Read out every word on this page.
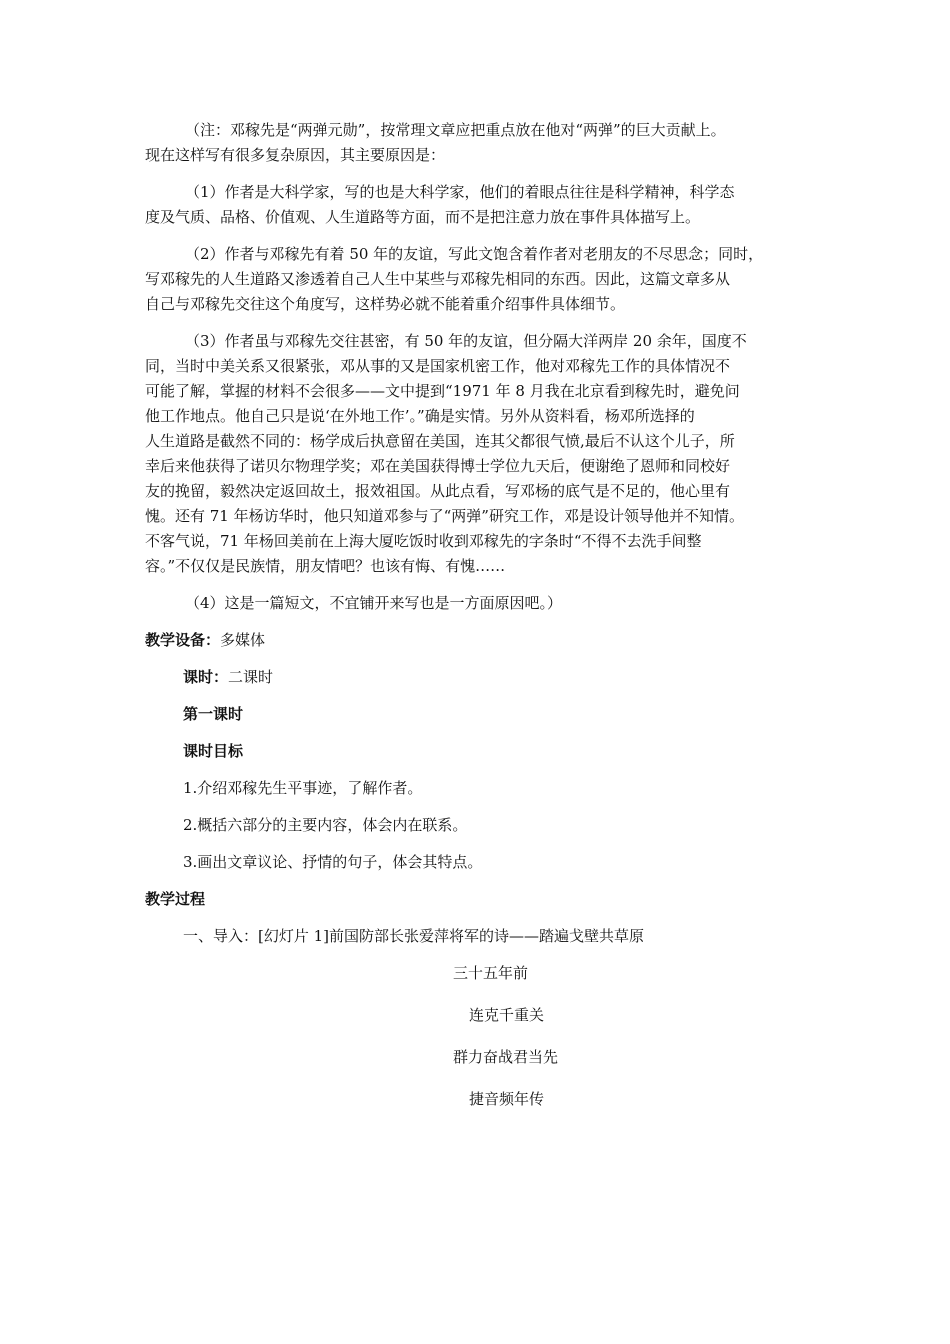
（注：邓稼先是“两弹元勋”，按常理文章应把重点放在他对“两弹”的巨大贡献上。
现在这样写有很多复杂原因，其主要原因是：

（1）作者是大科学家，写的也是大科学家，他们的着眼点往往是科学精神，科学态
度及气质、品格、价值观、人生道路等方面，而不是把注意力放在事件具体描写上。

（2）作者与邓稼先有着 50 年的友谊，写此文饱含着作者对老朋友的不尽思念；同时，
写邓稼先的人生道路又渗透着自己人生中某些与邓稼先相同的东西。因此，这篇文章多从
自己与邓稼先交往这个角度写，这样势必就不能着重介绍事件具体细节。

（3）作者虽与邓稼先交往甚密，有 50 年的友谊，但分隔大洋两岸 20 余年，国度不
同，当时中美关系又很紧张，邓从事的又是国家机密工作，他对邓稼先工作的具体情况不
可能了解，掌握的材料不会很多——文中提到“1971 年 8 月我在北京看到稼先时，避免问
他工作地点。他自己只是说‘在外地工作’。”确是实情。另外从资料看，杨邓所选择的
人生道路是截然不同的：杨学成后执意留在美国，连其父都很气愤,最后不认这个儿子，所
幸后来他获得了诺贝尔物理学奖；邓在美国获得博士学位九天后，便谢绝了恩师和同校好
友的挽留，毅然决定返回故土，报效祖国。从此点看，写邓杨的底气是不足的，他心里有
愧。还有 71 年杨访华时，他只知道邓参与了“两弹”研究工作，邓是设计领导他并不知情。
不客气说，71 年杨回美前在上海大厦吃饭时收到邓稼先的字条时“不得不去洗手间整
容。”不仅仅是民族情，朋友情吧？也该有悔、有愧……

（4）这是一篇短文，不宜铺开来写也是一方面原因吧。）

教学设备：多媒体

课时：二课时

第一课时

课时目标

1.介绍邓稼先生平事迹，了解作者。

2.概括六部分的主要内容，体会内在联系。

3.画出文章议论、抒情的句子，体会其特点。

教学过程

一、导入：[幻灯片 1]前国防部长张爱萍将军的诗——踏遍戈壁共草原

三十五年前
连克千重关
群力奋战君当先
捷音频年传
